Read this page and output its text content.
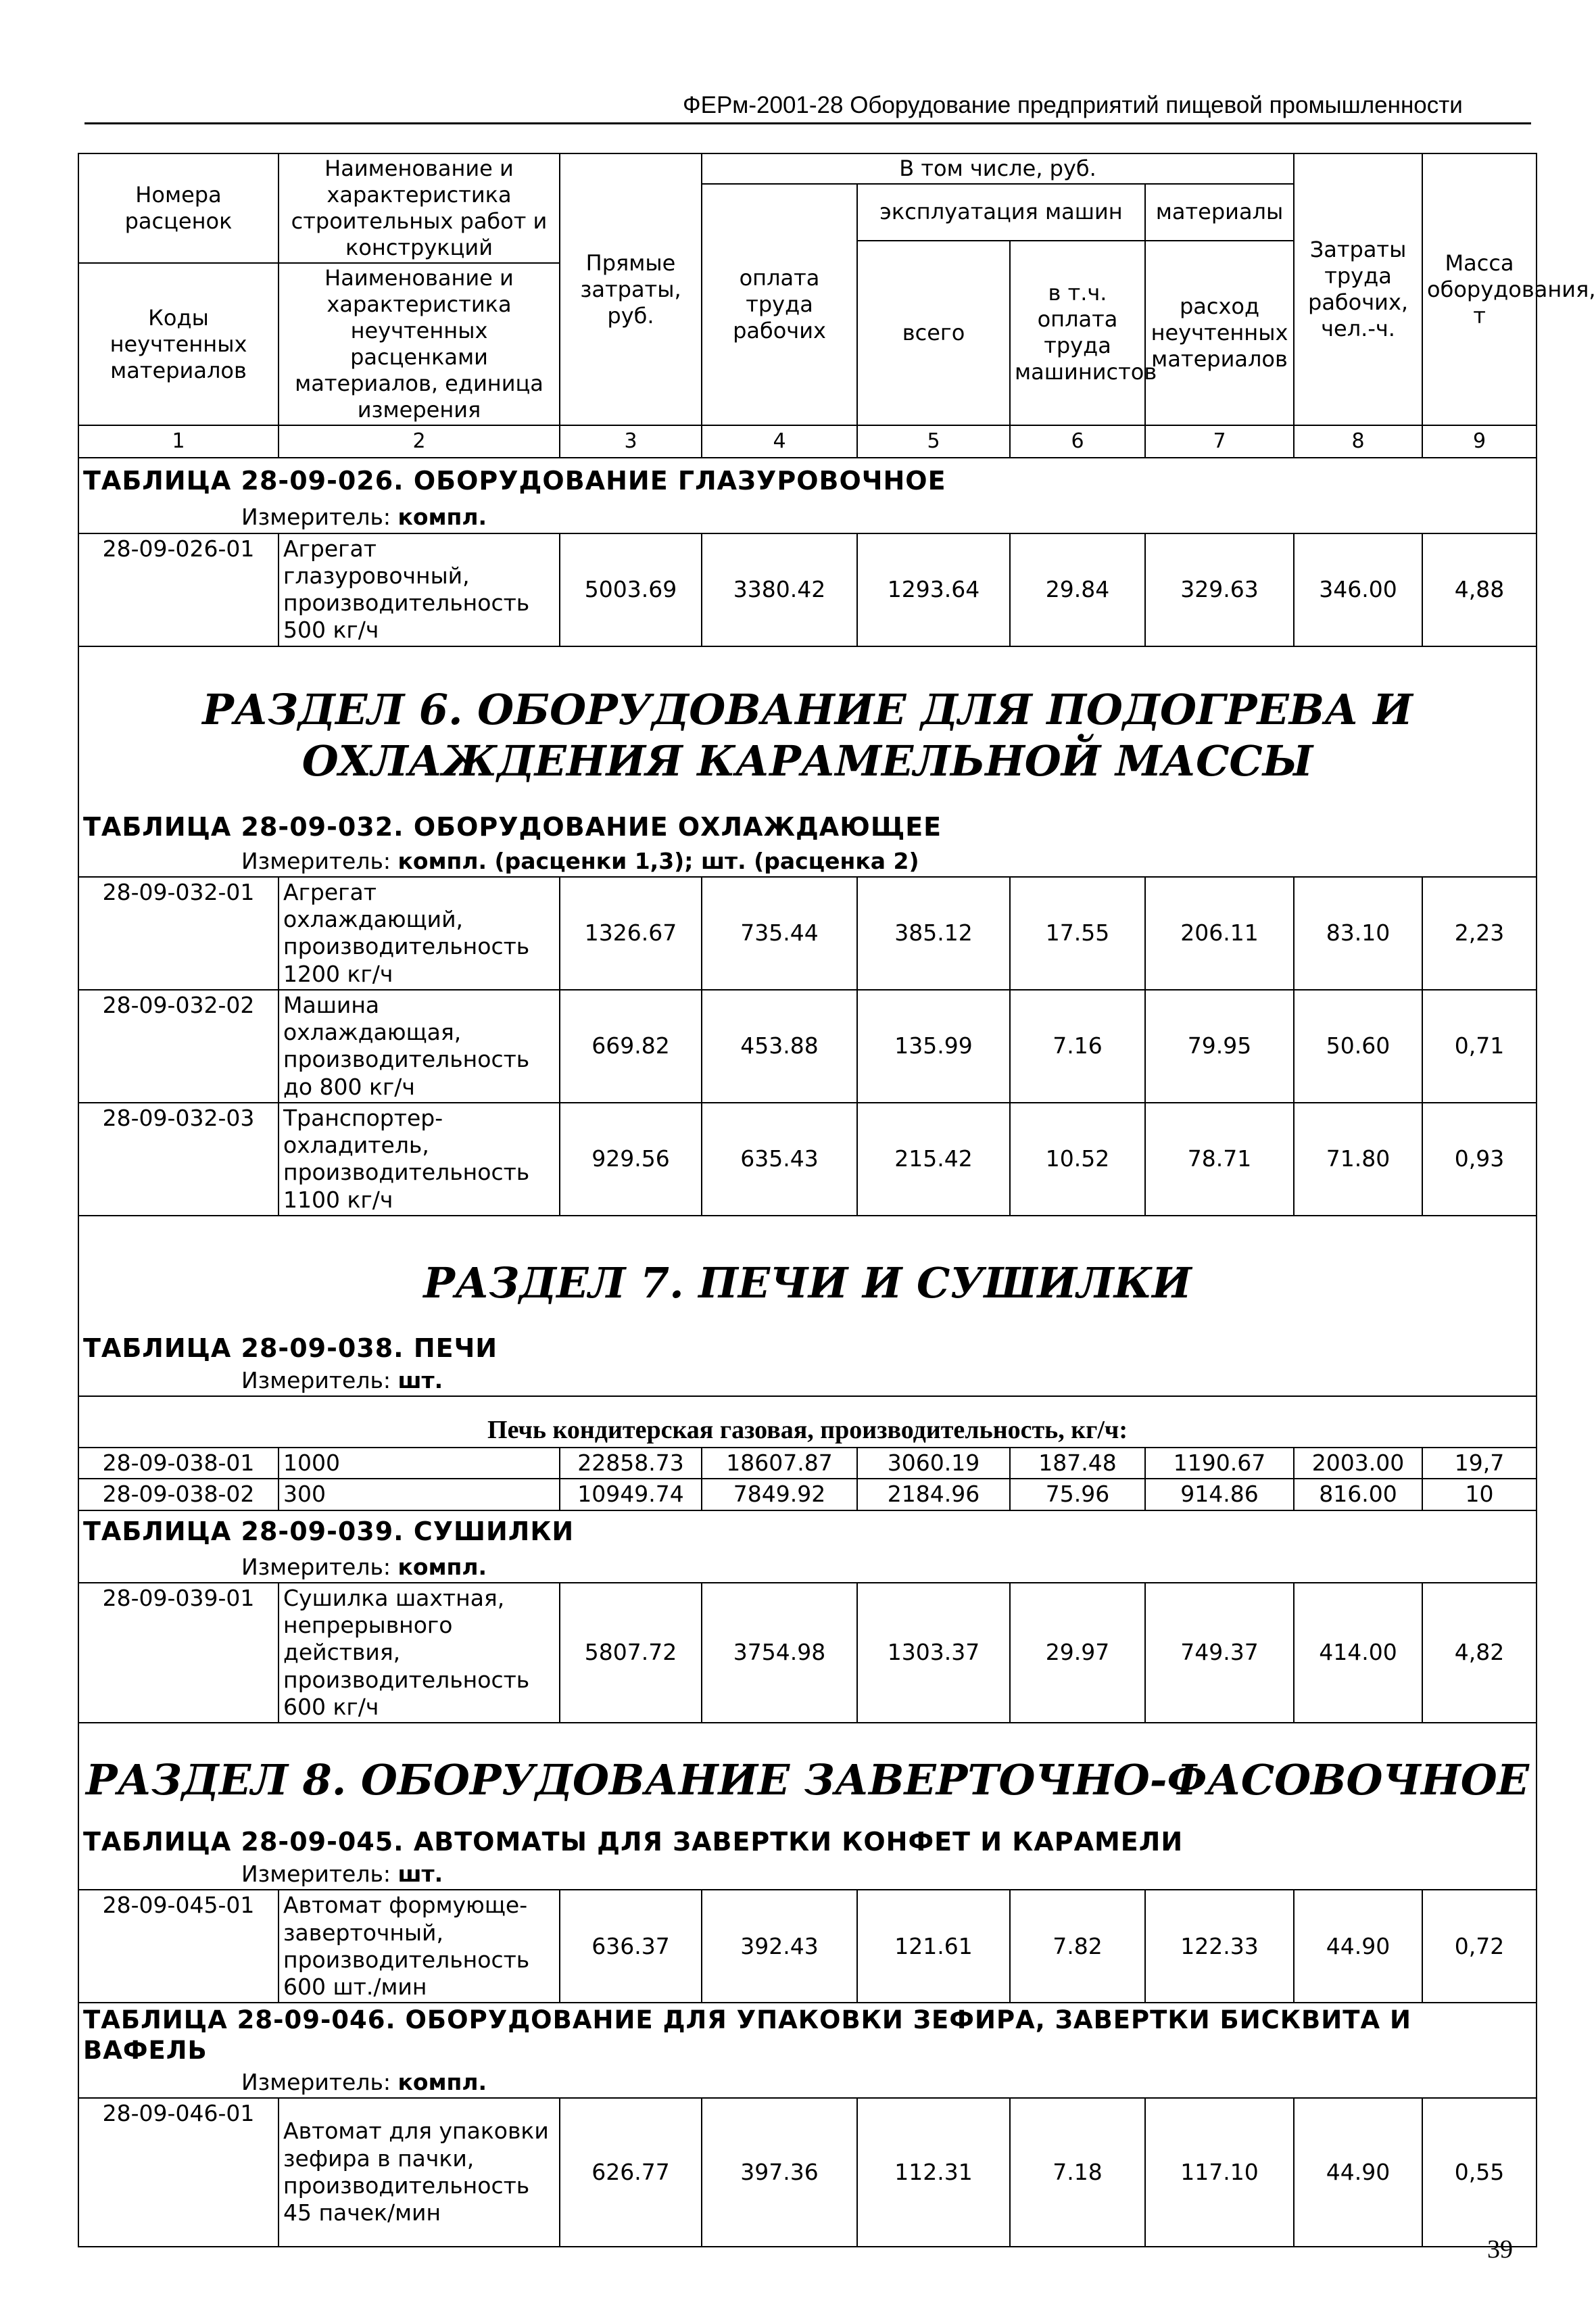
ФЕРм-2001-28 Оборудование предприятий пищевой промышленности
Номера расценок	Наименование и характеристика строительных работ и конструкций	Прямые затраты, руб.	В том числе, руб.				Затраты труда рабочих, чел.-ч.	Масса оборудования, т
			оплата труда рабочих	эксплуатация машин		материалы		
				всего	в т.ч. оплата труда машинистов	расход неучтенных материалов		
Коды неучтенных материалов	Наименование и характеристика неучтенных расценками материалов, единица измерения							

1	2	3	4	5	6	7	8	9
ТАБЛИЦА 28-09-026. ОБОРУДОВАНИЕ ГЛАЗУРОВОЧНОЕ								
Измеритель: компл.								
28-09-026-01	Агрегат глазуровочный, производительность 500 кг/ч	5003.69	3380.42	1293.64	29.84	329.63	346.00	4,88
РАЗДЕЛ 6. ОБОРУДОВАНИЕ ДЛЯ ПОДОГРЕВА И ОХЛАЖДЕНИЯ КАРАМЕЛЬНОЙ МАССЫ								
ТАБЛИЦА 28-09-032. ОБОРУДОВАНИЕ ОХЛАЖДАЮЩЕЕ								
Измеритель: компл. (расценки 1,3); шт. (расценка 2)								
28-09-032-01	Агрегат охлаждающий, производительность 1200 кг/ч	1326.67	735.44	385.12	17.55	206.11	83.10	2,23
28-09-032-02	Машина охлаждающая, производительность до 800 кг/ч	669.82	453.88	135.99	7.16	79.95	50.60	0,71
28-09-032-03	Транспортер-охладитель, производительность 1100 кг/ч	929.56	635.43	215.42	10.52	78.71	71.80	0,93
РАЗДЕЛ 7. ПЕЧИ И СУШИЛКИ								
ТАБЛИЦА 28-09-038. ПЕЧИ								
Измеритель: шт.								
Печь кондитерская газовая, производительность, кг/ч:								
28-09-038-01	1000	22858.73	18607.87	3060.19	187.48	1190.67	2003.00	19,7
28-09-038-02	300	10949.74	7849.92	2184.96	75.96	914.86	816.00	10
ТАБЛИЦА 28-09-039. СУШИЛКИ								
Измеритель: компл.								
28-09-039-01	Сушилка шахтная, непрерывного действия, производительность 600 кг/ч	5807.72	3754.98	1303.37	29.97	749.37	414.00	4,82
РАЗДЕЛ 8. ОБОРУДОВАНИЕ ЗАВЕРТОЧНО-ФАСОВОЧНОЕ								
ТАБЛИЦА 28-09-045. АВТОМАТЫ ДЛЯ ЗАВЕРТКИ КОНФЕТ И КАРАМЕЛИ								
Измеритель: шт.								
28-09-045-01	Автомат формующе-заверточный, производительность 600 шт./мин	636.37	392.43	121.61	7.82	122.33	44.90	0,72
ТАБЛИЦА 28-09-046. ОБОРУДОВАНИЕ ДЛЯ УПАКОВКИ ЗЕФИРА, ЗАВЕРТКИ БИСКВИТА И ВАФЕЛЬ								
Измеритель: компл.								
28-09-046-01	Автомат для упаковки зефира в пачки, производительность 45 пачек/мин	626.77	397.36	112.31	7.18	117.10	44.90	0,55
39
